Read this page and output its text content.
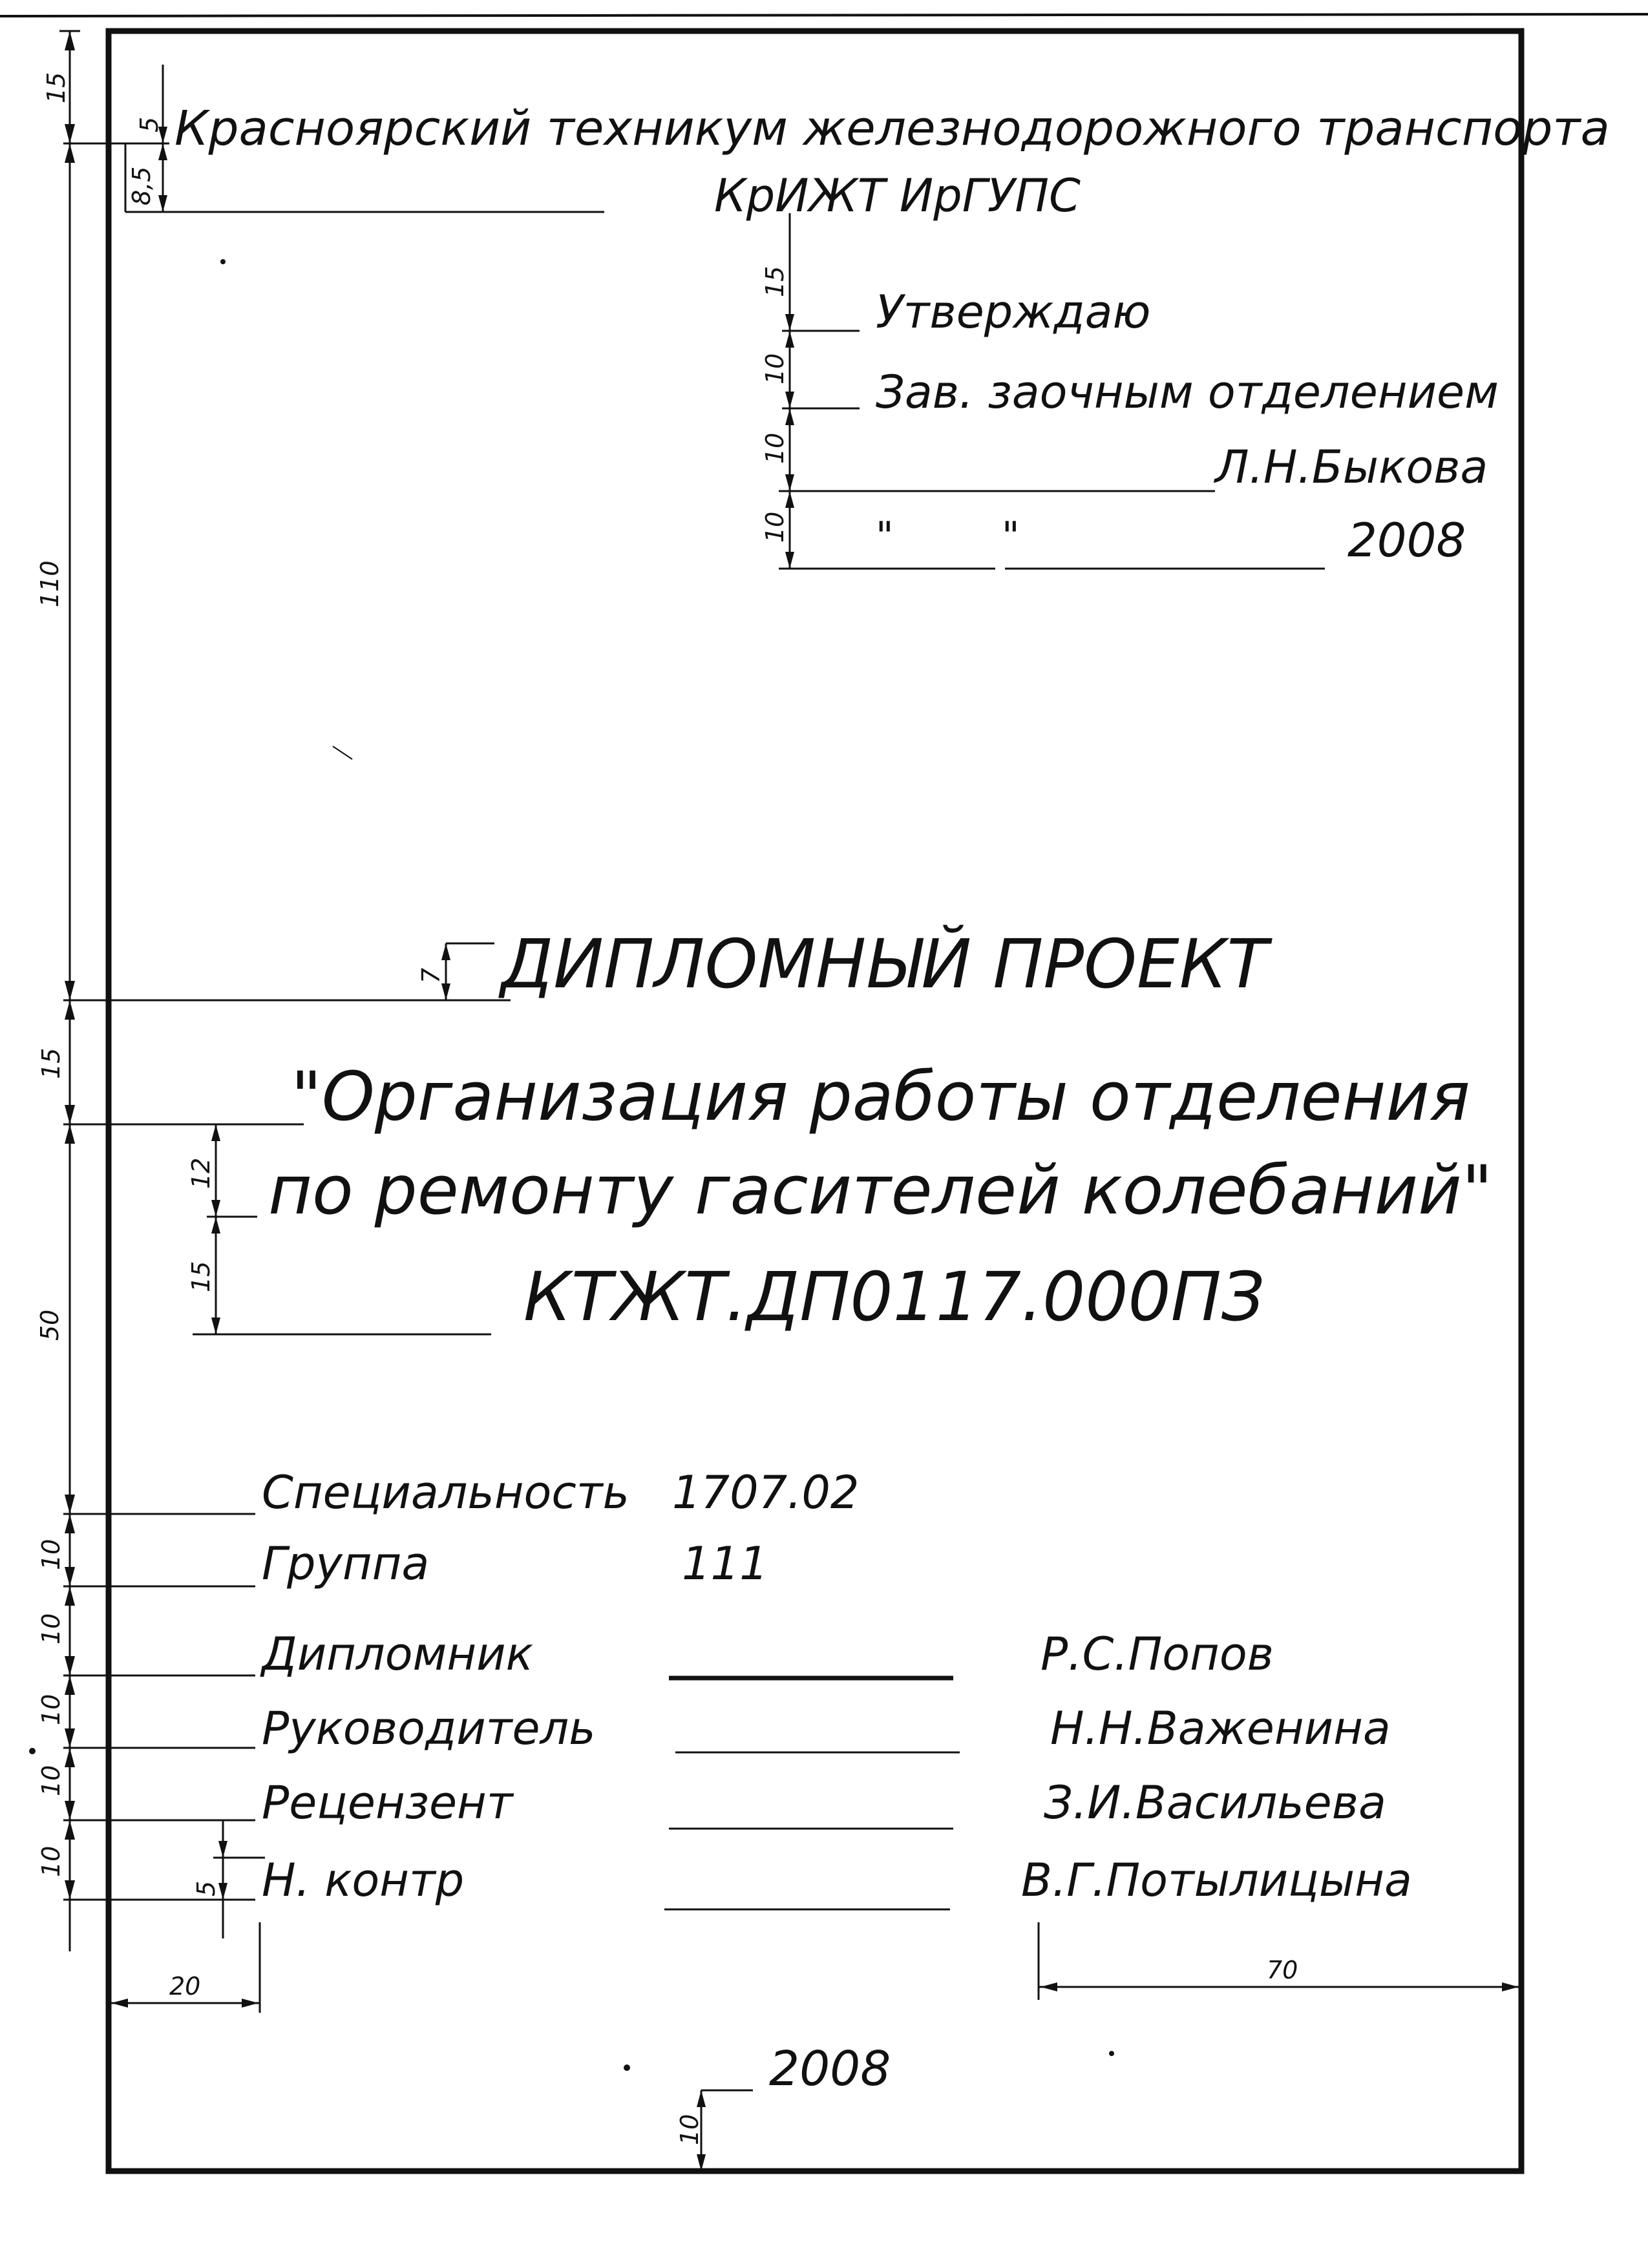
Красноярский техникум железнодорожного транспорта
КрИЖТ ИрГУПС
Утверждаю
Зав. заочным отделением
Л.Н.Быкова
"	"	2008
ДИПЛОМНЫЙ ПРОЕКТ
"Организация работы отделения
по ремонту гасителей колебаний"
КТЖТ.ДП0117.000ПЗ
Специальность 1707.02
Группа	111
Дипломник	Р.С.Попов
Руководитель	Н.Н.Важенина
Рецензент	З.И.Васильева
Н. контр	В.Г.Потылицына
2008
15
5
8,5
15
10
10
10
110
7
15
12
15
50
10
10
10
10
10
5
20
70
10
